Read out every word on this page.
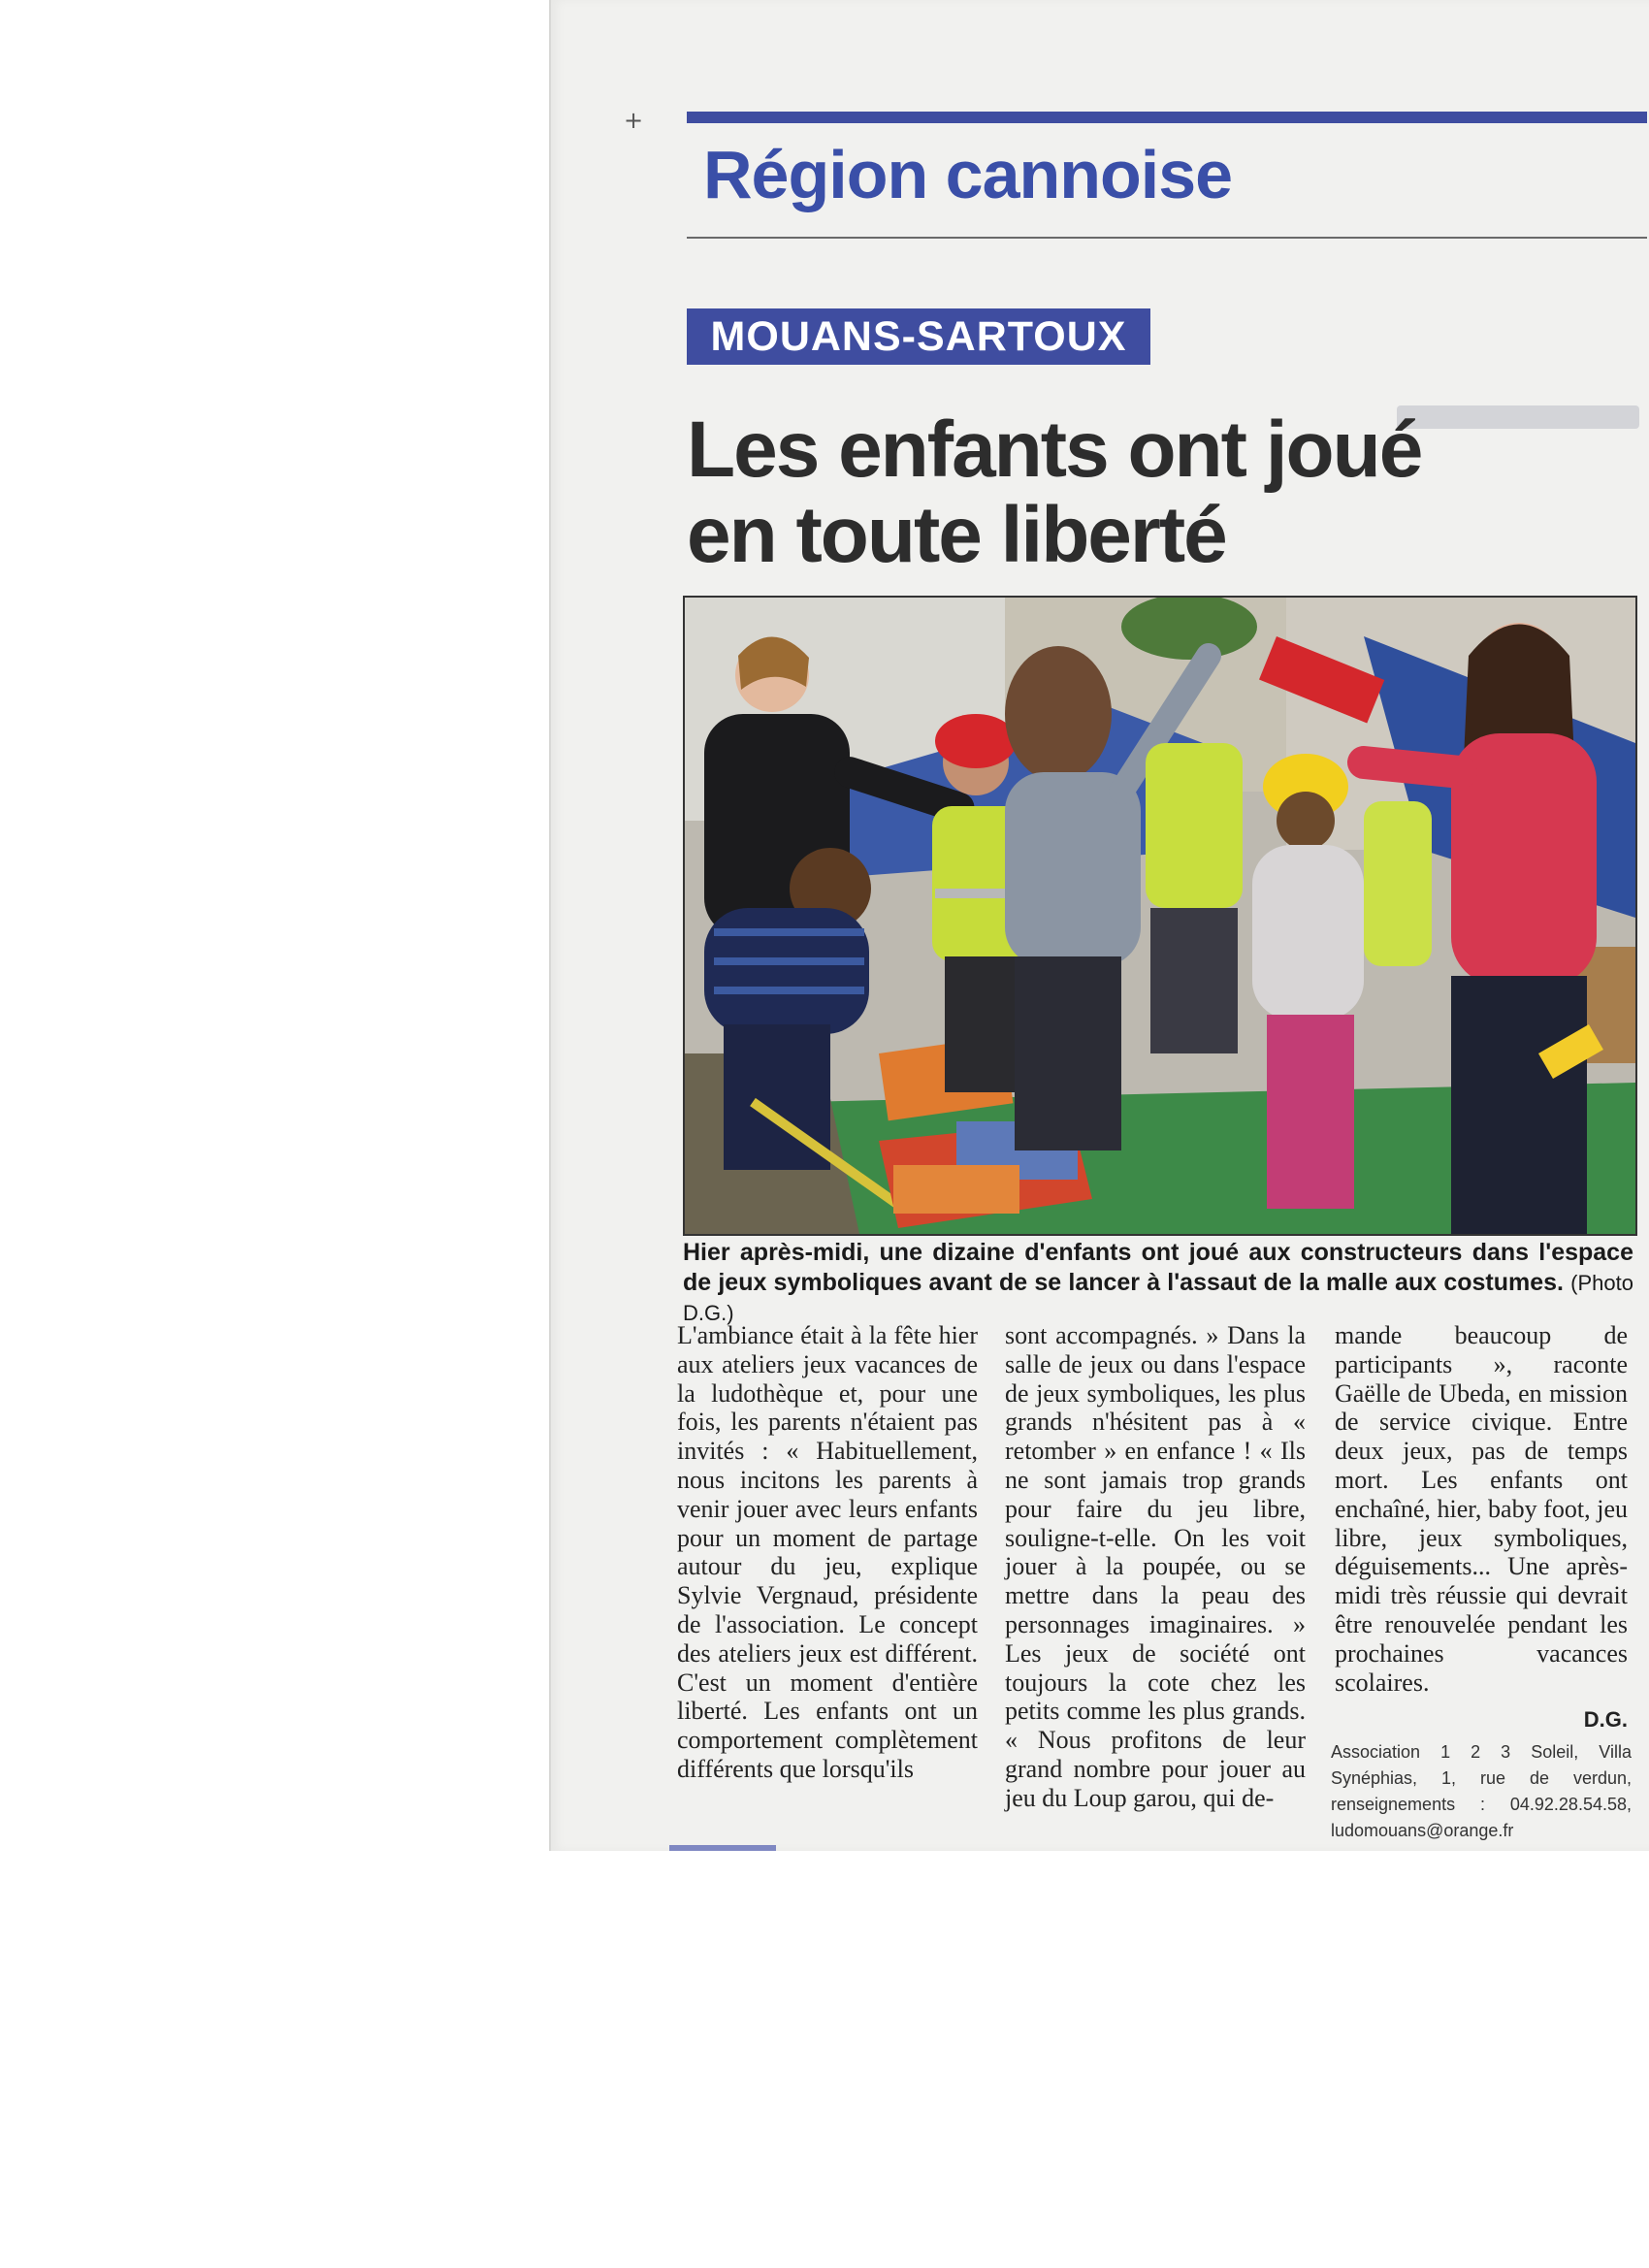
+
Région cannoise
MOUANS-SARTOUX
Les enfants ont joué en toute liberté
Hier après-midi, une dizaine d'enfants ont joué aux constructeurs dans l'espace de jeux symboliques avant de se lancer à l'assaut de la malle aux costumes. (Photo D.G.)

L'ambiance était à la fête hier aux ateliers jeux vacances de la ludothèque et, pour une fois, les parents n'étaient pas invités : « Habituellement, nous incitons les parents à venir jouer avec leurs enfants pour un moment de partage autour du jeu, explique Sylvie Vergnaud, présidente de l'association. Le concept des ateliers jeux est différent. C'est un moment d'entière liberté. Les enfants ont un comportement complètement différents que lorsqu'ils

sont accompagnés. » Dans la salle de jeux ou dans l'espace de jeux symboliques, les plus grands n'hésitent pas à « retomber » en enfance ! « Ils ne sont jamais trop grands pour faire du jeu libre, souligne-t-elle. On les voit jouer à la poupée, ou se mettre dans la peau des personnages imaginaires. » Les jeux de société ont toujours la cote chez les petits comme les plus grands. « Nous profitons de leur grand nombre pour jouer au jeu du Loup garou, qui de-

mande beaucoup de participants », raconte Gaëlle de Ubeda, en mission de service civique. Entre deux jeux, pas de temps mort. Les enfants ont enchaîné, hier, baby foot, jeu libre, jeux symboliques, déguisements... Une après-midi très réussie qui devrait être renouvelée pendant les prochaines vacances scolaires.

D.G.
Association 1 2 3 Soleil, Villa Synéphias, 1, rue de verdun, renseignements : 04.92.28.54.58, ludomouans@orange.fr
